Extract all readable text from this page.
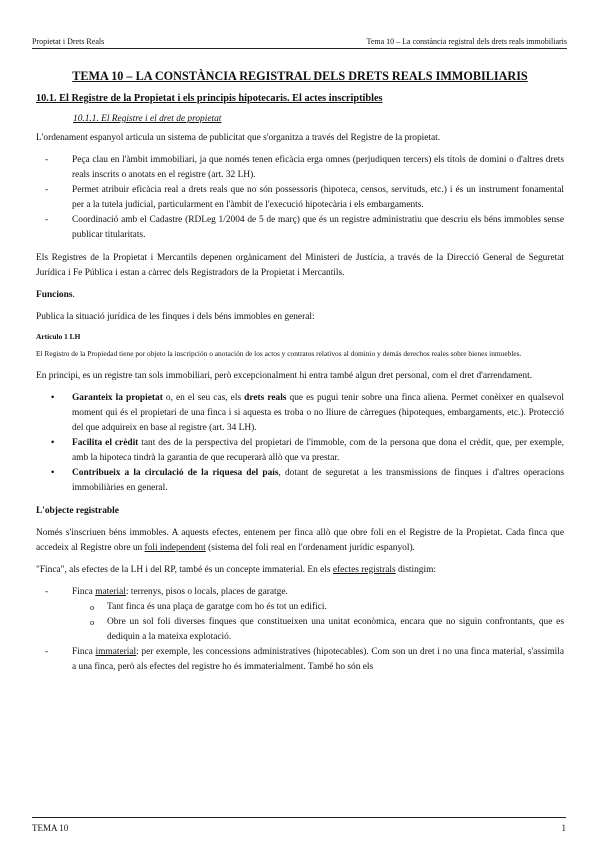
Propietat i Drets Reals	Tema 10 – La constància registral dels drets reals immobiliaris
TEMA 10 – LA CONSTÀNCIA REGISTRAL DELS DRETS REALS IMMOBILIARIS
10.1. El Registre de la Propietat i els principis hipotecaris. El actes inscriptibles
10.1.1. El Registre i el dret de propietat

L'ordenament espanyol articula un sistema de publicitat que s'organitza a través del Registre de la propietat.

- Peça clau en l'àmbit immobiliari, ja que només tenen eficàcia erga omnes (perjudiquen tercers) els títols de domini o d'altres drets reals inscrits o anotats en el registre (art. 32 LH).
- Permet atribuir eficàcia real a drets reals que no són possessoris (hipoteca, censos, servituds, etc.) i és un instrument fonamental per a la tutela judicial, particularment en l'àmbit de l'execució hipotecària i els embargaments.
- Coordinació amb el Cadastre (RDLeg 1/2004 de 5 de març) que és un registre administratiu que descriu els béns immobles sense publicar titularitats.

Els Registres de la Propietat i Mercantils depenen orgànicament del Ministeri de Justícia, a través de la Direcció General de Seguretat Jurídica i Fe Pública i estan a càrrec dels Registradors de la Propietat i Mercantils.

Funcions.

Publica la situació jurídica de les finques i dels béns immobles en general:

Artículo 1 LH
El Registro de la Propiedad tiene por objeto la inscripción o anotación de los actos y contratos relativos al dominio y demás derechos reales sobre bienes inmuebles.

En principi, es un registre tan sols immobiliari, però excepcionalment hi entra també algun dret personal, com el dret d'arrendament.

• Garanteix la propietat o, en el seu cas, els drets reals que es pugui tenir sobre una finca aliena. Permet conèixer en qualsevol moment qui és el propietari de una finca i si aquesta es troba o no lliure de càrregues (hipoteques, embargaments, etc.). Protecció del que adquireix en base al registre (art. 34 LH).
• Facilita el crèdit tant des de la perspectiva del propietari de l'immoble, com de la persona que dona el crèdit, que, per exemple, amb la hipoteca tindrà la garantia de que recuperarà allò que va prestar.
• Contribueix a la circulació de la riquesa del país, dotant de seguretat a les transmissions de finques i d'altres operacions immobiliàries en general.

L'objecte registrable

Només s'inscriuen béns immobles. A aquests efectes, entenem per finca allò que obre foli en el Registre de la Propietat. Cada finca que accedeix al Registre obre un foli independent (sistema del foli real en l'ordenament jurídic espanyol).

"Finca", als efectes de la LH i del RP, també és un concepte immaterial. En els efectes registrals distingim:

- Finca material: terrenys, pisos o locals, places de garatge.
o Tant finca és una plaça de garatge com ho és tot un edifici.
o Obre un sol foli diverses finques que constitueixen una unitat econòmica, encara que no siguin confrontants, que es dediquin a la mateixa explotació.
- Finca immaterial: per exemple, les concessions administratives (hipotecables). Com son un dret i no una finca material, s'assimila a una finca, però als efectes del registre ho és immaterialment. També ho són els
TEMA 10	1
